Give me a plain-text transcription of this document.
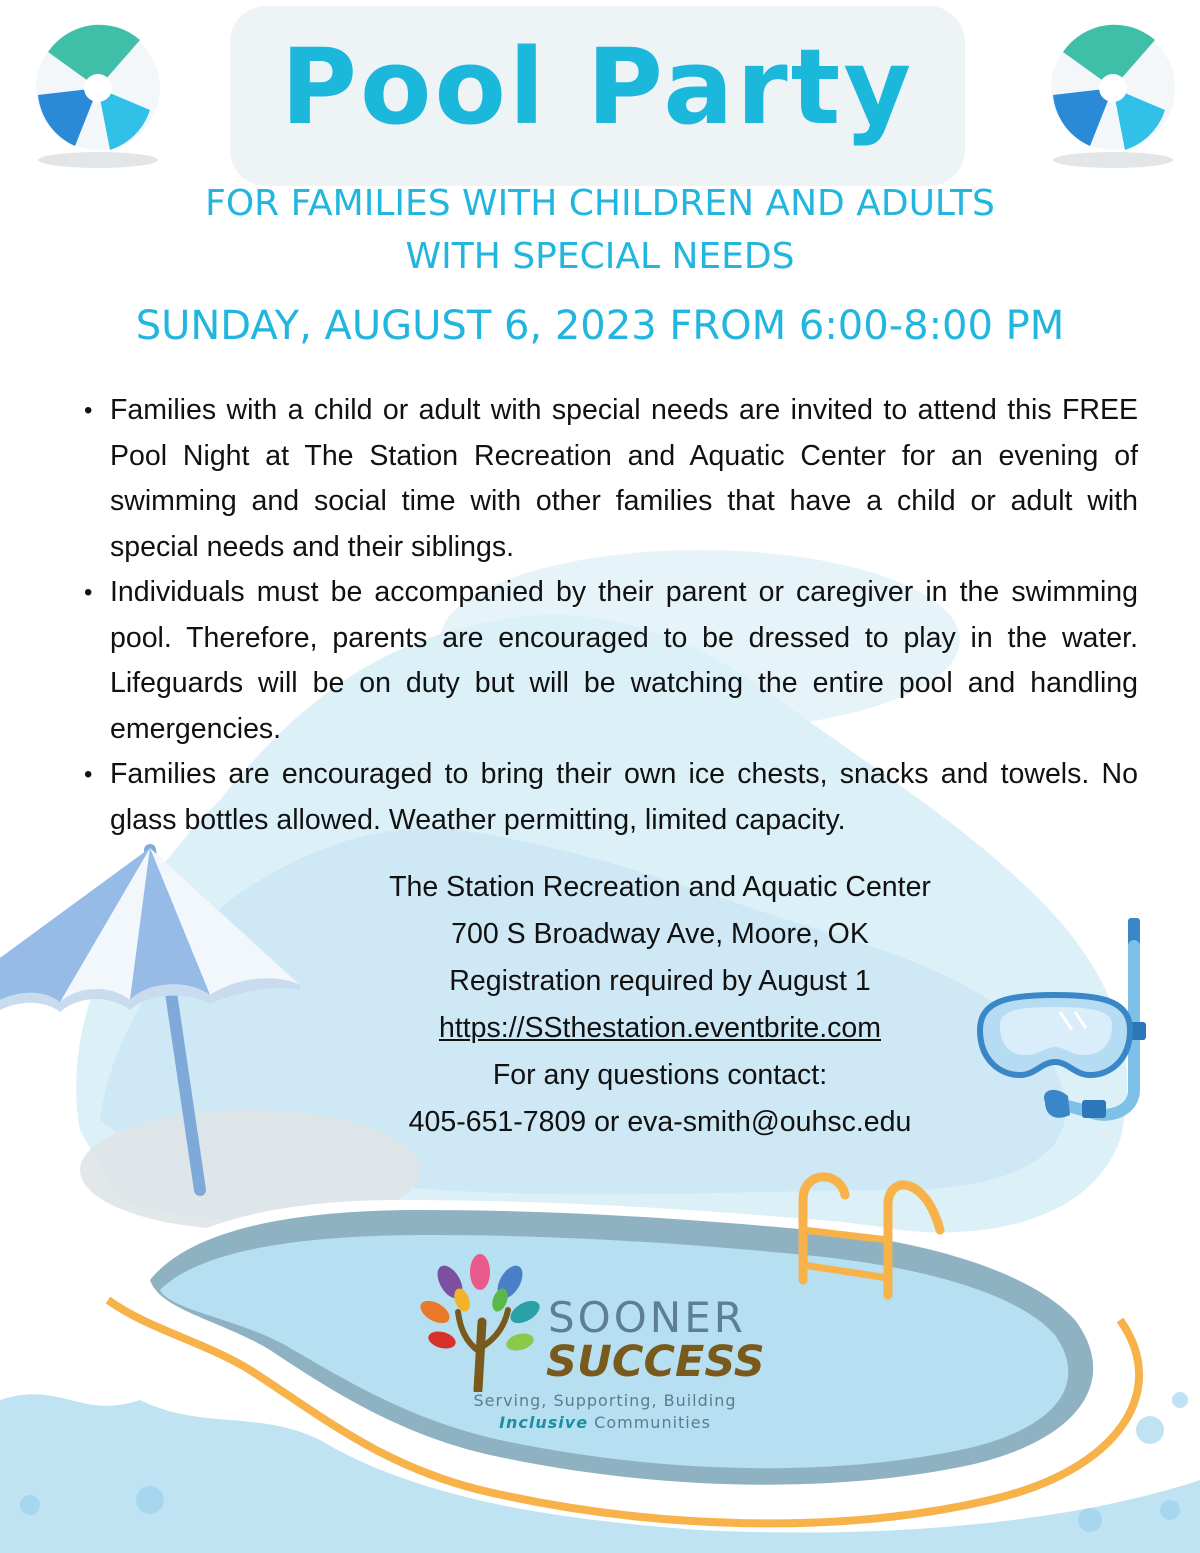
Pool Party
FOR FAMILIES WITH CHILDREN AND ADULTS
WITH SPECIAL NEEDS
SUNDAY, AUGUST 6, 2023 FROM 6:00-8:00 PM
• Families with a child or adult with special needs are invited to attend this FREE Pool Night at The Station Recreation and Aquatic Center for an evening of swimming and social time with other families that have a child or adult with special needs and their siblings.
• Individuals must be accompanied by their parent or caregiver in the swimming pool. Therefore, parents are encouraged to be dressed to play in the water. Lifeguards will be on duty but will be watching the entire pool and handling emergencies.
• Families are encouraged to bring their own ice chests, snacks and towels. No glass bottles allowed. Weather permitting, limited capacity.
The Station Recreation and Aquatic Center
700 S Broadway Ave, Moore, OK
Registration required by August 1
https://SSthestation.eventbrite.com
For any questions contact:
405-651-7809 or eva-smith@ouhsc.edu
SOONER
SUCCESS
Serving, Supporting, Building
Inclusive Communities
